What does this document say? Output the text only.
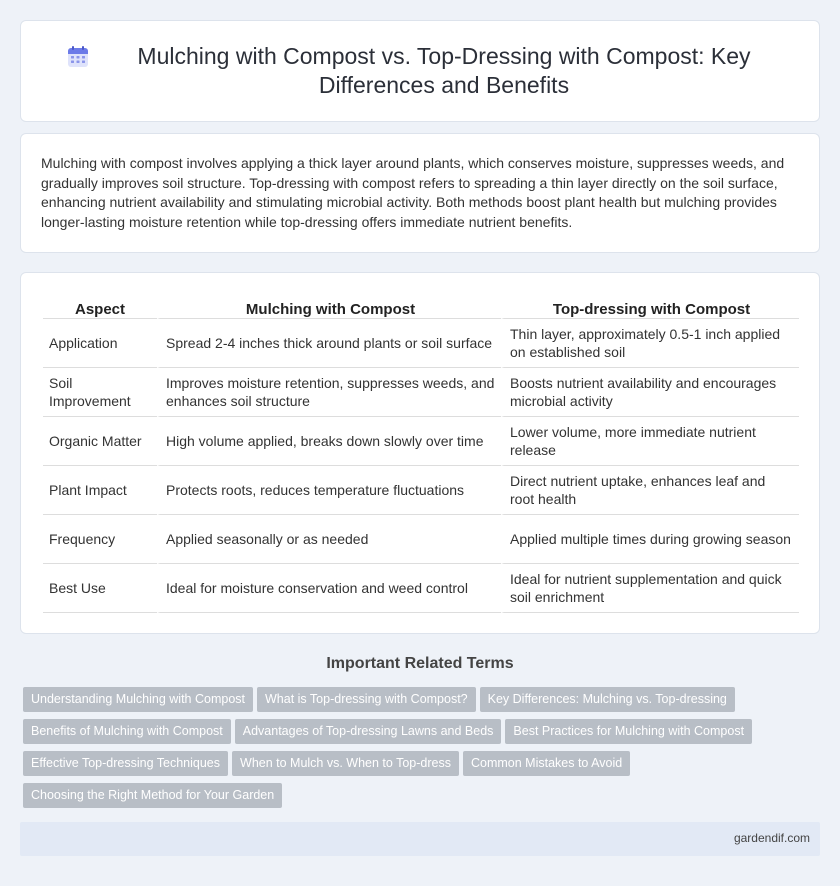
Mulching with Compost vs. Top-Dressing with Compost: Key Differences and Benefits

Mulching with compost involves applying a thick layer around plants, which conserves moisture, suppresses weeds, and gradually improves soil structure. Top-dressing with compost refers to spreading a thin layer directly on the soil surface, enhancing nutrient availability and stimulating microbial activity. Both methods boost plant health but mulching provides longer-lasting moisture retention while top-dressing offers immediate nutrient benefits.

Aspect	Mulching with Compost	Top-dressing with Compost
Application	Spread 2-4 inches thick around plants or soil surface	Thin layer, approximately 0.5-1 inch applied on established soil
Soil Improvement	Improves moisture retention, suppresses weeds, and enhances soil structure	Boosts nutrient availability and encourages microbial activity
Organic Matter	High volume applied, breaks down slowly over time	Lower volume, more immediate nutrient release
Plant Impact	Protects roots, reduces temperature fluctuations	Direct nutrient uptake, enhances leaf and root health
Frequency	Applied seasonally or as needed	Applied multiple times during growing season
Best Use	Ideal for moisture conservation and weed control	Ideal for nutrient supplementation and quick soil enrichment
Important Related Terms
Understanding Mulching with Compost What is Top-dressing with Compost? Key Differences: Mulching vs. Top-dressing
Benefits of Mulching with Compost Advantages of Top-dressing Lawns and Beds Best Practices for Mulching with Compost
Effective Top-dressing Techniques When to Mulch vs. When to Top-dress Common Mistakes to Avoid
Choosing the Right Method for Your Garden
gardendif.com
